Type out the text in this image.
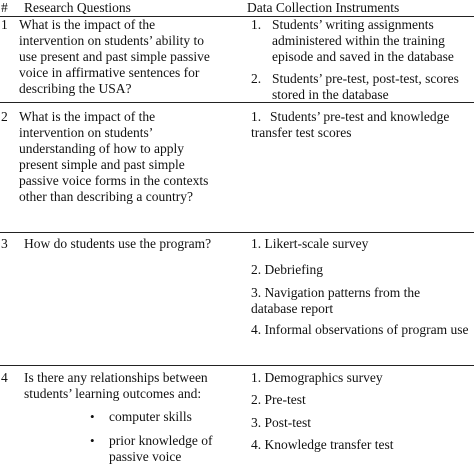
# Research Questions	Data Collection Instruments
1 What is the impact of the
intervention on students’ ability to
use present and past simple passive
voice in affirmative sentences for
describing the USA?
1. Students’ writing assignments
administered within the training
episode and saved in the database
2. Students’ pre-test, post-test, scores
stored in the database
2 What is the impact of the
intervention on students’
understanding of how to apply
present simple and past simple
passive voice forms in the contexts
other than describing a country?
1. Students’ pre-test and knowledge
transfer test scores
3 How do students use the program?	1. Likert-scale survey
2. Debriefing
3. Navigation patterns from the
database report
4. Informal observations of program use
4 Is there any relationships between
students’ learning outcomes and:
• computer skills
• prior knowledge of
passive voice
1. Demographics survey
2. Pre-test
3. Post-test
4. Knowledge transfer test
